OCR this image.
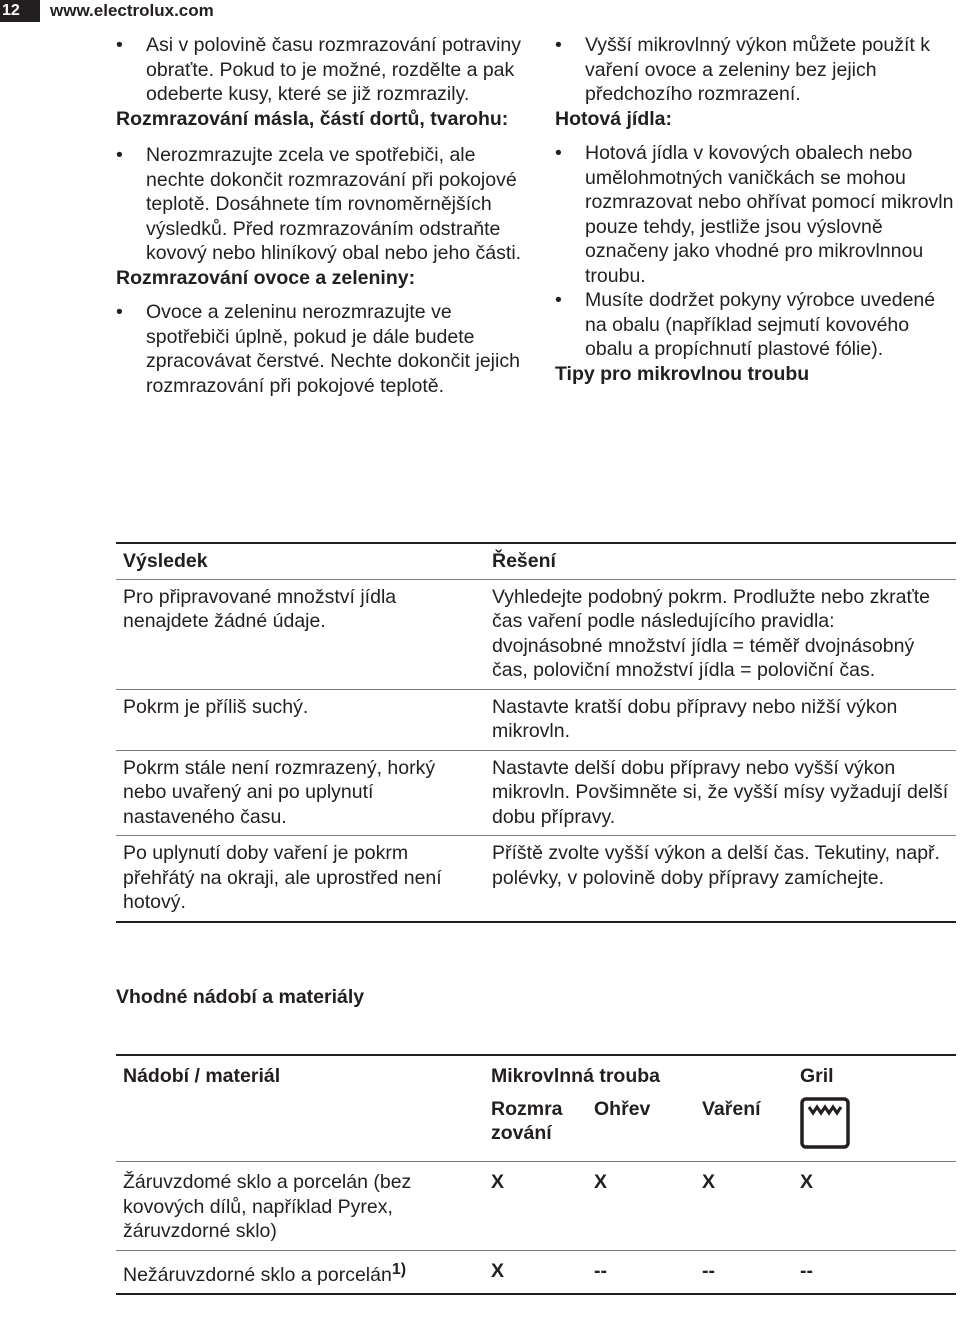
12	www.electrolux.com
• Asi v polovině času rozmrazování potraviny obraťte. Pokud to je možné, rozdělte a pak odeberte kusy, které se již rozmrazily.
Rozmrazování másla, částí dortů, tvarohu:
• Nerozmrazujte zcela ve spotřebiči, ale nechte dokončit rozmrazování při pokojové teplotě. Dosáhnete tím rovnoměrnějších výsledků. Před rozmrazováním odstraňte kovový nebo hliníkový obal nebo jeho části.
Rozmrazování ovoce a zeleniny:
• Ovoce a zeleninu nerozmrazujte ve spotřebiči úplně, pokud je dále budete zpracovávat čerstvé. Nechte dokončit jejich rozmrazování při pokojové teplotě.
• Vyšší mikrovlnný výkon můžete použít k vaření ovoce a zeleniny bez jejich předchozího rozmrazení.
Hotová jídla:
• Hotová jídla v kovových obalech nebo umělohmotných vaničkách se mohou rozmrazovat nebo ohřívat pomocí mikrovln pouze tehdy, jestliže jsou výslovně označeny jako vhodné pro mikrovlnnou troubu.
• Musíte dodržet pokyny výrobce uvedené na obalu (například sejmutí kovového obalu a propíchnutí plastové fólie).
Tipy pro mikrovlnou troubu
Výsledek	Řešení
Pro připravované množství jídla nenajdete žádné údaje.	Vyhledejte podobný pokrm. Prodlužte nebo zkraťte čas vaření podle následujícího pravidla: dvojnásobné množství jídla = téměř dvojnásobný čas, poloviční množství jídla = poloviční čas.
Pokrm je příliš suchý.	Nastavte kratší dobu přípravy nebo nižší výkon mikrovln.
Pokrm stále není rozmrazený, horký nebo uvařený ani po uplynutí nastaveného času.	Nastavte delší dobu přípravy nebo vyšší výkon mikrovln. Povšimněte si, že vyšší mísy vyžadují delší dobu přípravy.
Po uplynutí doby vaření je pokrm přehřátý na okraji, ale uprostřed není hotový.	Příště zvolte vyšší výkon a delší čas. Tekutiny, např. polévky, v polovině doby přípravy zamíchejte.
Vhodné nádobí a materiály
Nádobí / materiál	Mikrovlnná trouba			Gril

	Rozmrazování	Ohřev	Vaření	
Žáruvzdomé sklo a porcelán (bez kovových dílů, například Pyrex, žáruvzdorné sklo)	X	X	X	X
Nežáruvzdorné sklo a porcelán$^{1)}$	X	--	--	--
